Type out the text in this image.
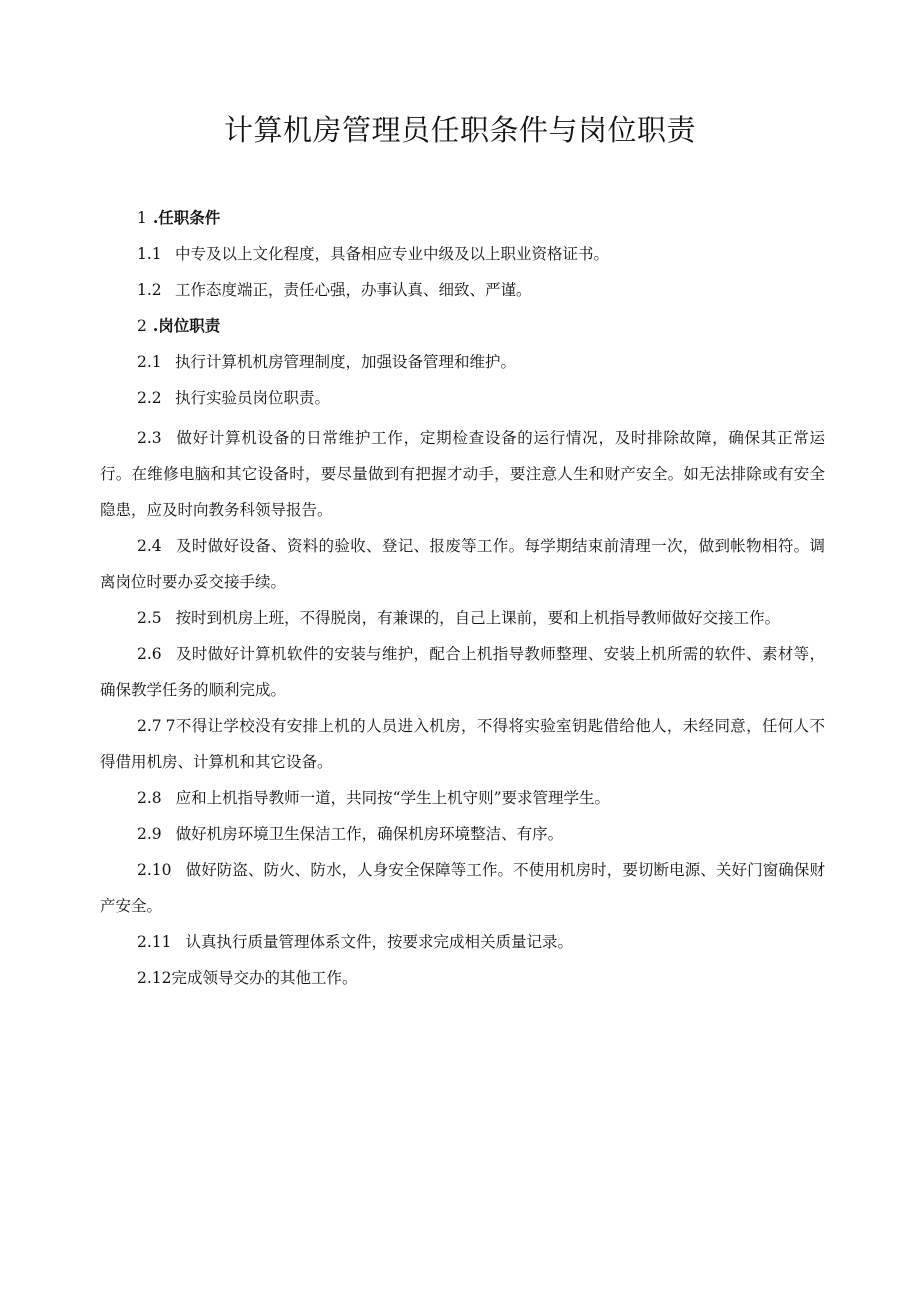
计算机房管理员任职条件与岗位职责
1 .任职条件
1.1 中专及以上文化程度，具备相应专业中级及以上职业资格证书。
1.2 工作态度端正，责任心强，办事认真、细致、严谨。
2 .岗位职责
2.1 执行计算机机房管理制度，加强设备管理和维护。
2.2 执行实验员岗位职责。
2.3 做好计算机设备的日常维护工作，定期检查设备的运行情况，及时排除故障，确保其正常运行。在维修电脑和其它设备时，要尽量做到有把握才动手，要注意人生和财产安全。如无法排除或有安全隐患，应及时向教务科领导报告。
2.4 及时做好设备、资料的验收、登记、报废等工作。每学期结束前清理一次，做到帐物相符。调离岗位时要办妥交接手续。
2.5 按时到机房上班，不得脱岗，有兼课的，自己上课前，要和上机指导教师做好交接工作。
2.6 及时做好计算机软件的安装与维护，配合上机指导教师整理、安装上机所需的软件、素材等，确保教学任务的顺利完成。
2.7 7不得让学校没有安排上机的人员进入机房，不得将实验室钥匙借给他人，未经同意，任何人不得借用机房、计算机和其它设备。
2.8 应和上机指导教师一道，共同按“学生上机守则”要求管理学生。
2.9 做好机房环境卫生保洁工作，确保机房环境整洁、有序。
2.10 做好防盗、防火、防水，人身安全保障等工作。不使用机房时，要切断电源、关好门窗确保财产安全。
2.11 认真执行质量管理体系文件，按要求完成相关质量记录。
2.12完成领导交办的其他工作。
